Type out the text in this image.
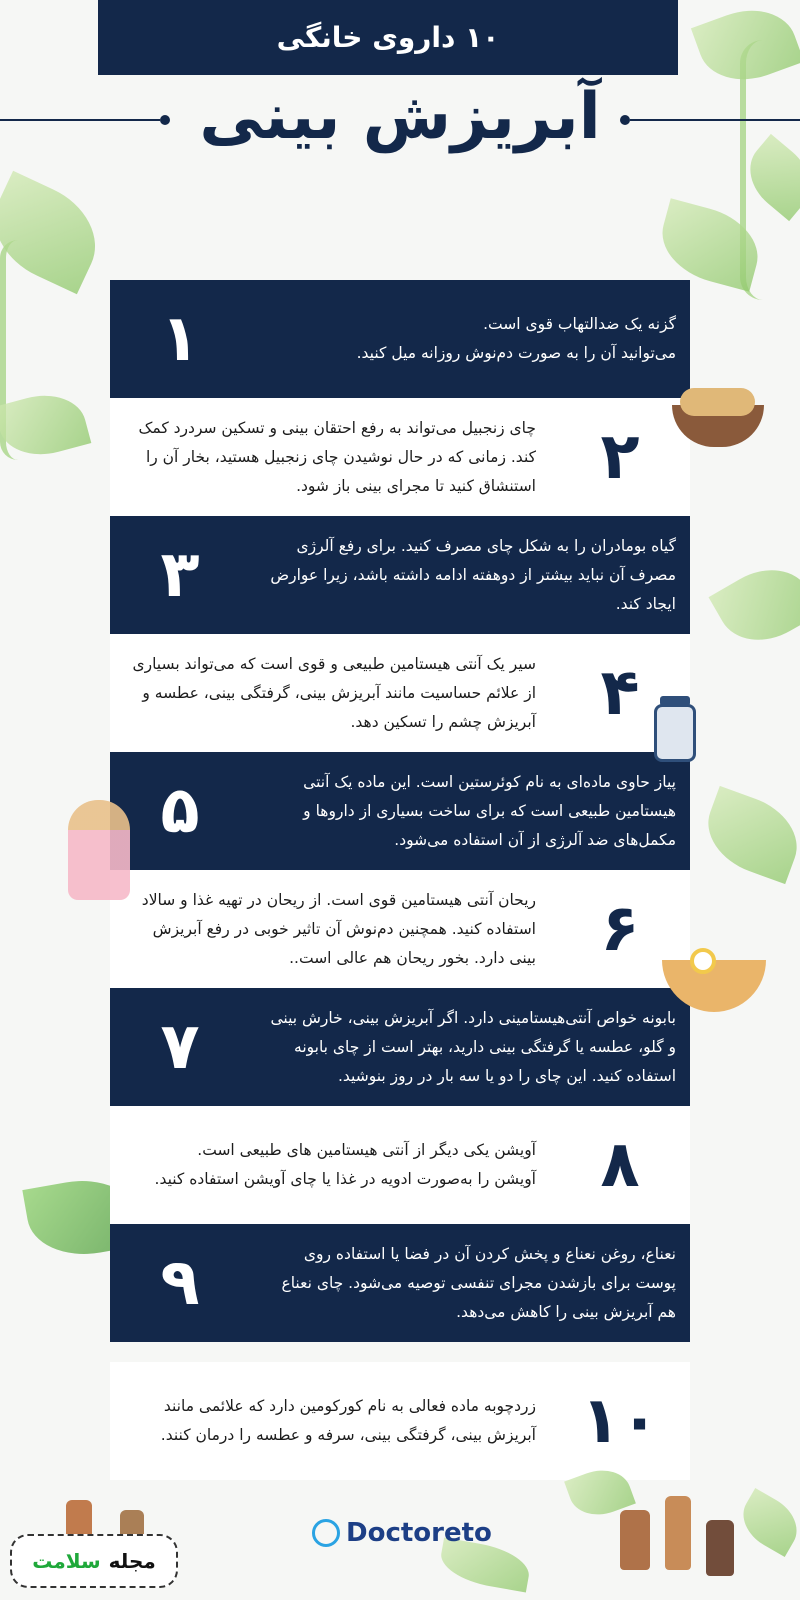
۱۰ داروی خانگی
آبریزش بینی
گزنه یک ضدالتهاب قوی است.
می‌توانید آن را به صورت دم‌نوش روزانه میل کنید.
۱
چای زنجبیل می‌تواند به رفع احتقان بینی و تسکین سردرد کمک کند. زمانی که در حال نوشیدن چای زنجبیل هستید، بخار آن را استنشاق کنید تا مجرای بینی باز شود.	۲
گیاه بومادران را به شکل چای مصرف کنید. برای رفع آلرژی مصرف آن نباید بیشتر از دوهفته ادامه داشته باشد، زیرا عوارض ایجاد کند.
۳
سیر یک آنتی هیستامین طبیعی و قوی است که می‌تواند بسیاری از علائم حساسیت مانند آبریزش بینی، گرفتگی بینی، عطسه و آبریزش چشم را تسکین دهد.	۴
پیاز حاوی ماده‌ای به نام کوئرستین است. این ماده یک آنتی هیستامین طبیعی است که برای ساخت بسیاری از داروها و مکمل‌های ضد آلرژی از آن استفاده می‌شود.
۵
ریحان آنتی هیستامین قوی است. از ریحان در تهیه غذا و سالاد استفاده کنید. همچنین دم‌نوش آن تاثیر خوبی در رفع آبریزش بینی دارد. بخور ریحان هم عالی است..	۶
بابونه خواص آنتی‌هیستامینی دارد. اگر آبریزش بینی، خارش بینی و گلو، عطسه یا گرفتگی بینی دارید، بهتر است از چای بابونه استفاده کنید. این چای را دو یا سه بار در روز بنوشید.
۷
آویشن یکی دیگر از آنتی هیستامین های طبیعی است.
آویشن را به‌صورت ادویه در غذا یا چای آویشن استفاده کنید.	۸
نعناع، روغن نعناع و پخش کردن آن در فضا یا استفاده روی پوست برای بازشدن مجرای تنفسی توصیه می‌شود. چای نعناع هم آبریزش بینی را کاهش می‌دهد.
۹
زردچوبه ماده فعالی به نام کورکومین دارد که علائمی مانند آبریزش بینی، گرفتگی بینی، سرفه و عطسه را درمان کنند. ۱۰
Doctoreto
مجله
سلامت
